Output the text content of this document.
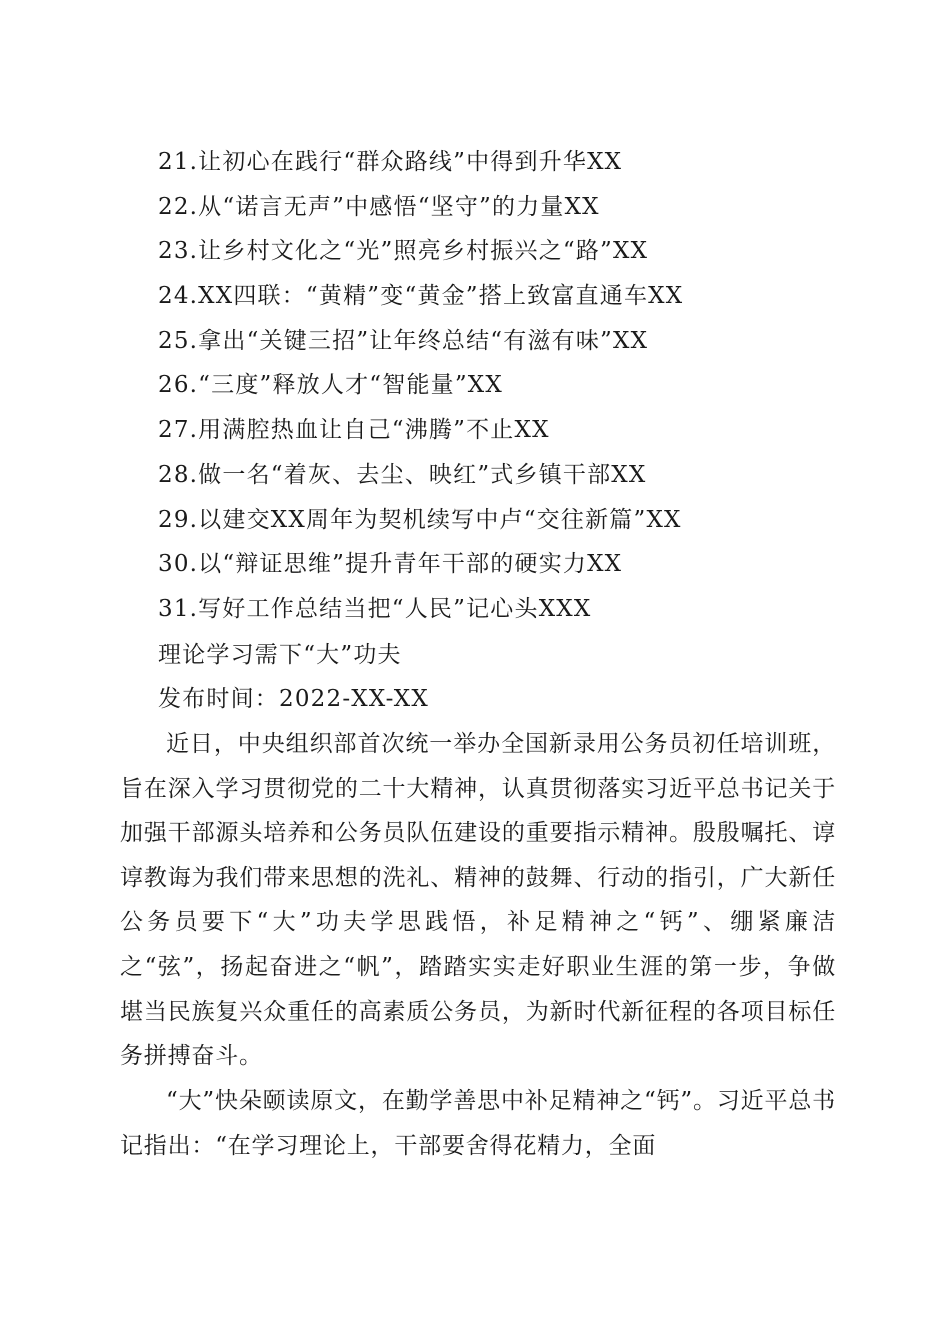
21.让初心在践行“群众路线”中得到升华XX
22.从“诺言无声”中感悟“坚守”的力量XX
23.让乡村文化之“光”照亮乡村振兴之“路”XX
24.XX四联：“黄精”变“黄金”搭上致富直通车XX
25.拿出“关键三招”让年终总结“有滋有味”XX
26.“三度”释放人才“智能量”XX
27.用满腔热血让自己“沸腾”不止XX
28.做一名“着灰、去尘、映红”式乡镇干部XX
29.以建交XX周年为契机续写中卢“交往新篇”XX
30.以“辩证思维”提升青年干部的硬实力XX
31.写好工作总结当把“人民”记心头XXX
理论学习需下“大”功夫
发布时间：2022-XX-XX

近日，中央组织部首次统一举办全国新录用公务员初任培训班，旨在深入学习贯彻党的二十大精神，认真贯彻落实习近平总书记关于加强干部源头培养和公务员队伍建设的重要指示精神。殷殷嘱托、谆谆教诲为我们带来思想的洗礼、精神的鼓舞、行动的指引，广大新任公务员要下“大”功夫学思践悟，补足精神之“钙”、绷紧廉洁之“弦”，扬起奋进之“帆”，踏踏实实走好职业生涯的第一步，争做堪当民族复兴众重任的高素质公务员，为新时代新征程的各项目标任务拼搏奋斗。

“大”快朵颐读原文，在勤学善思中补足精神之“钙”。习近平总书记指出：“在学习理论上，干部要舍得花精力，全面
